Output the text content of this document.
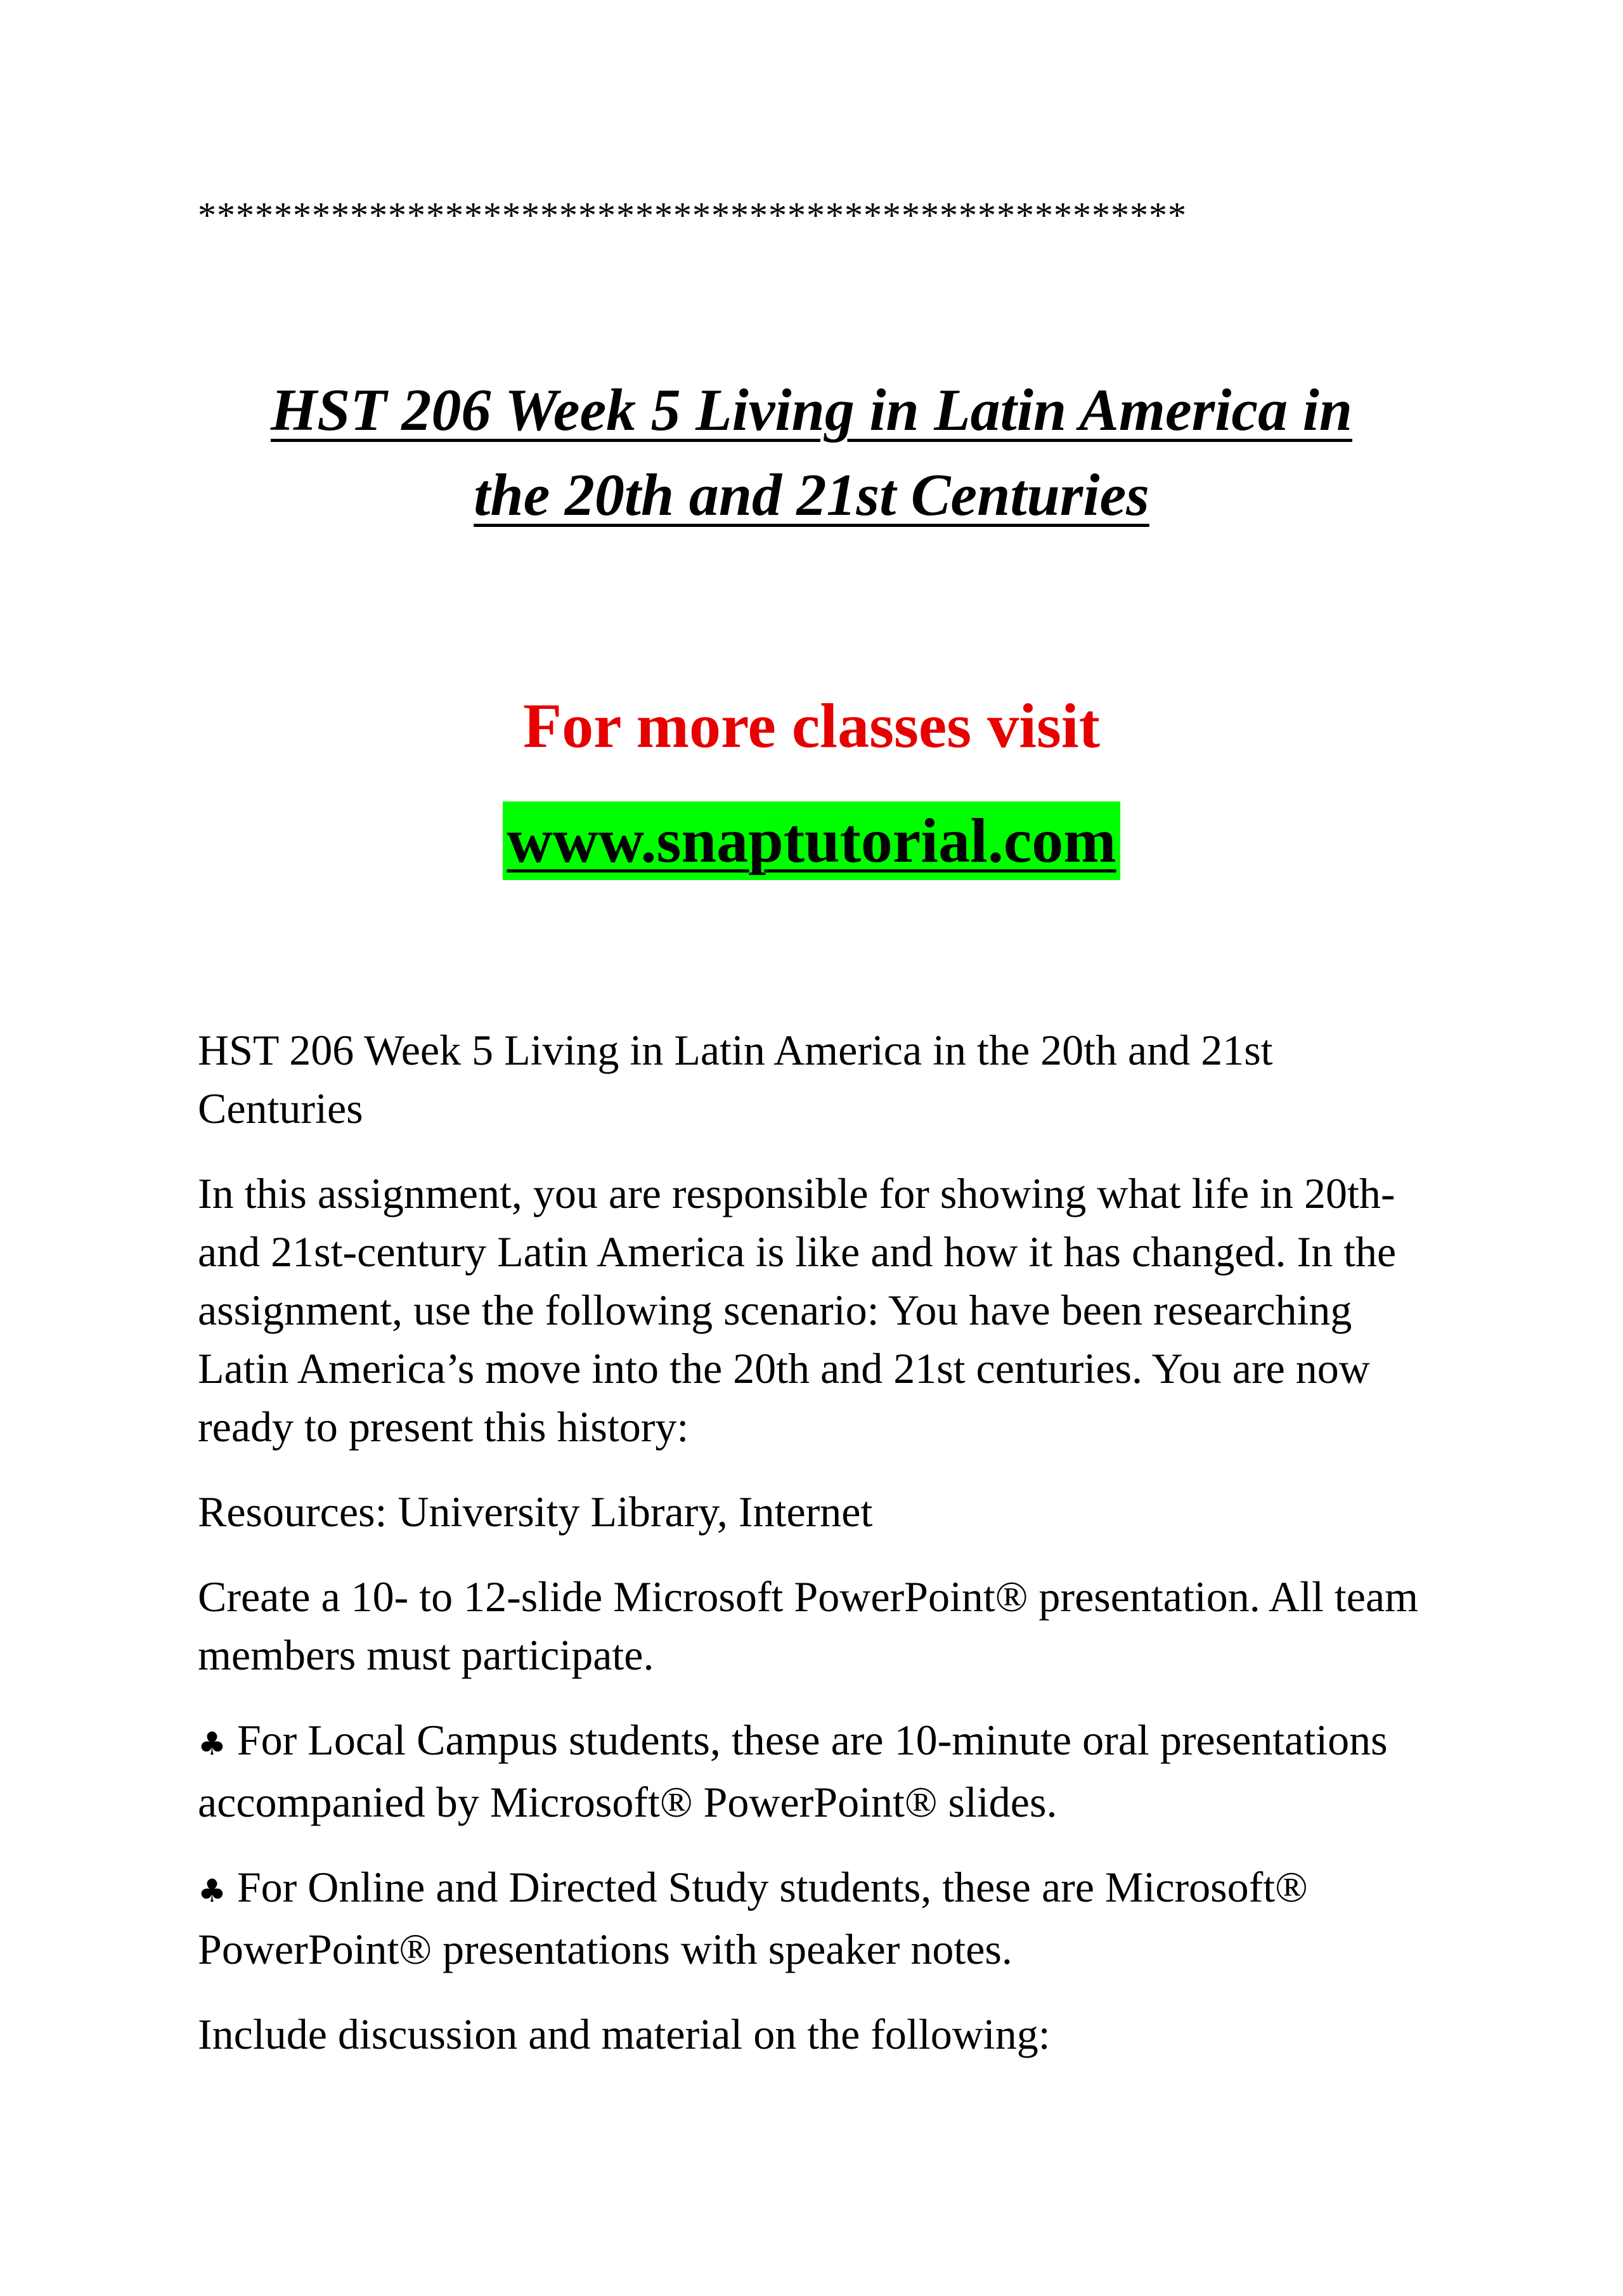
****************************************************
HST 206 Week 5 Living in Latin America in
the 20th and 21st Centuries
For more classes visit
www.snaptutorial.com

HST 206 Week 5 Living in Latin America in the 20th and 21st Centuries

In this assignment, you are responsible for showing what life in 20th- and 21st-century Latin America is like and how it has changed. In the assignment, use the following scenario: You have been researching Latin America’s move into the 20th and 21st centuries. You are now ready to present this history:

Resources: University Library, Internet

Create a 10- to 12-slide Microsoft PowerPoint® presentation. All team members must participate.

♣ For Local Campus students, these are 10-minute oral presentations accompanied by Microsoft® PowerPoint® slides.

♣ For Online and Directed Study students, these are Microsoft® PowerPoint® presentations with speaker notes.

Include discussion and material on the following:
